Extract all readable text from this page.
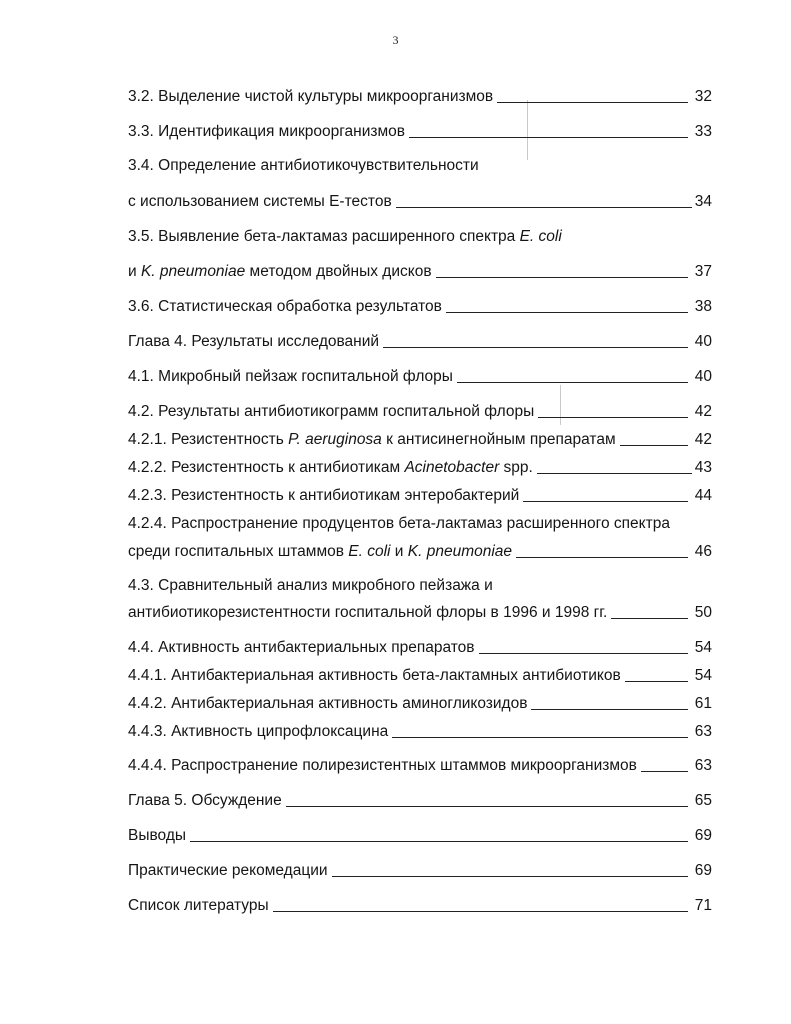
3
3.2. Выделение чистой культуры микроорганизмов	32
3.3. Идентификация микроорганизмов	33
3.4. Определение антибиотикочувствительности
с использованием системы Е-тестов	34
3.5. Выявление бета-лактамаз расширенного спектра E. coli
и K. pneumoniae методом двойных дисков	37
3.6. Статистическая обработка результатов	38
Глава 4. Результаты исследований	40
4.1. Микробный пейзаж госпитальной флоры	40
4.2. Результаты антибиотикограмм госпитальной флоры	42
4.2.1. Резистентность P. aeruginosa к антисинегнойным препаратам	42
4.2.2. Резистентность к антибиотикам Acinetobacter spp.	43
4.2.3. Резистентность к антибиотикам энтеробактерий	44
4.2.4. Распространение продуцентов бета-лактамаз расширенного спектра
среди госпитальных штаммов E. coli и K. pneumoniae	46
4.3. Сравнительный анализ микробного пейзажа и
антибиотикорезистентности госпитальной флоры в 1996 и 1998 гг.	50
4.4. Активность антибактериальных препаратов	54
4.4.1. Антибактериальная активность бета-лактамных антибиотиков	54
4.4.2. Антибактериальная активность аминогликозидов	61
4.4.3. Активность ципрофлоксацина	63
4.4.4. Распространение полирезистентных штаммов микроорганизмов	63
Глава 5. Обсуждение	65
Выводы	69
Практические рекомедации	69
Список литературы	71
